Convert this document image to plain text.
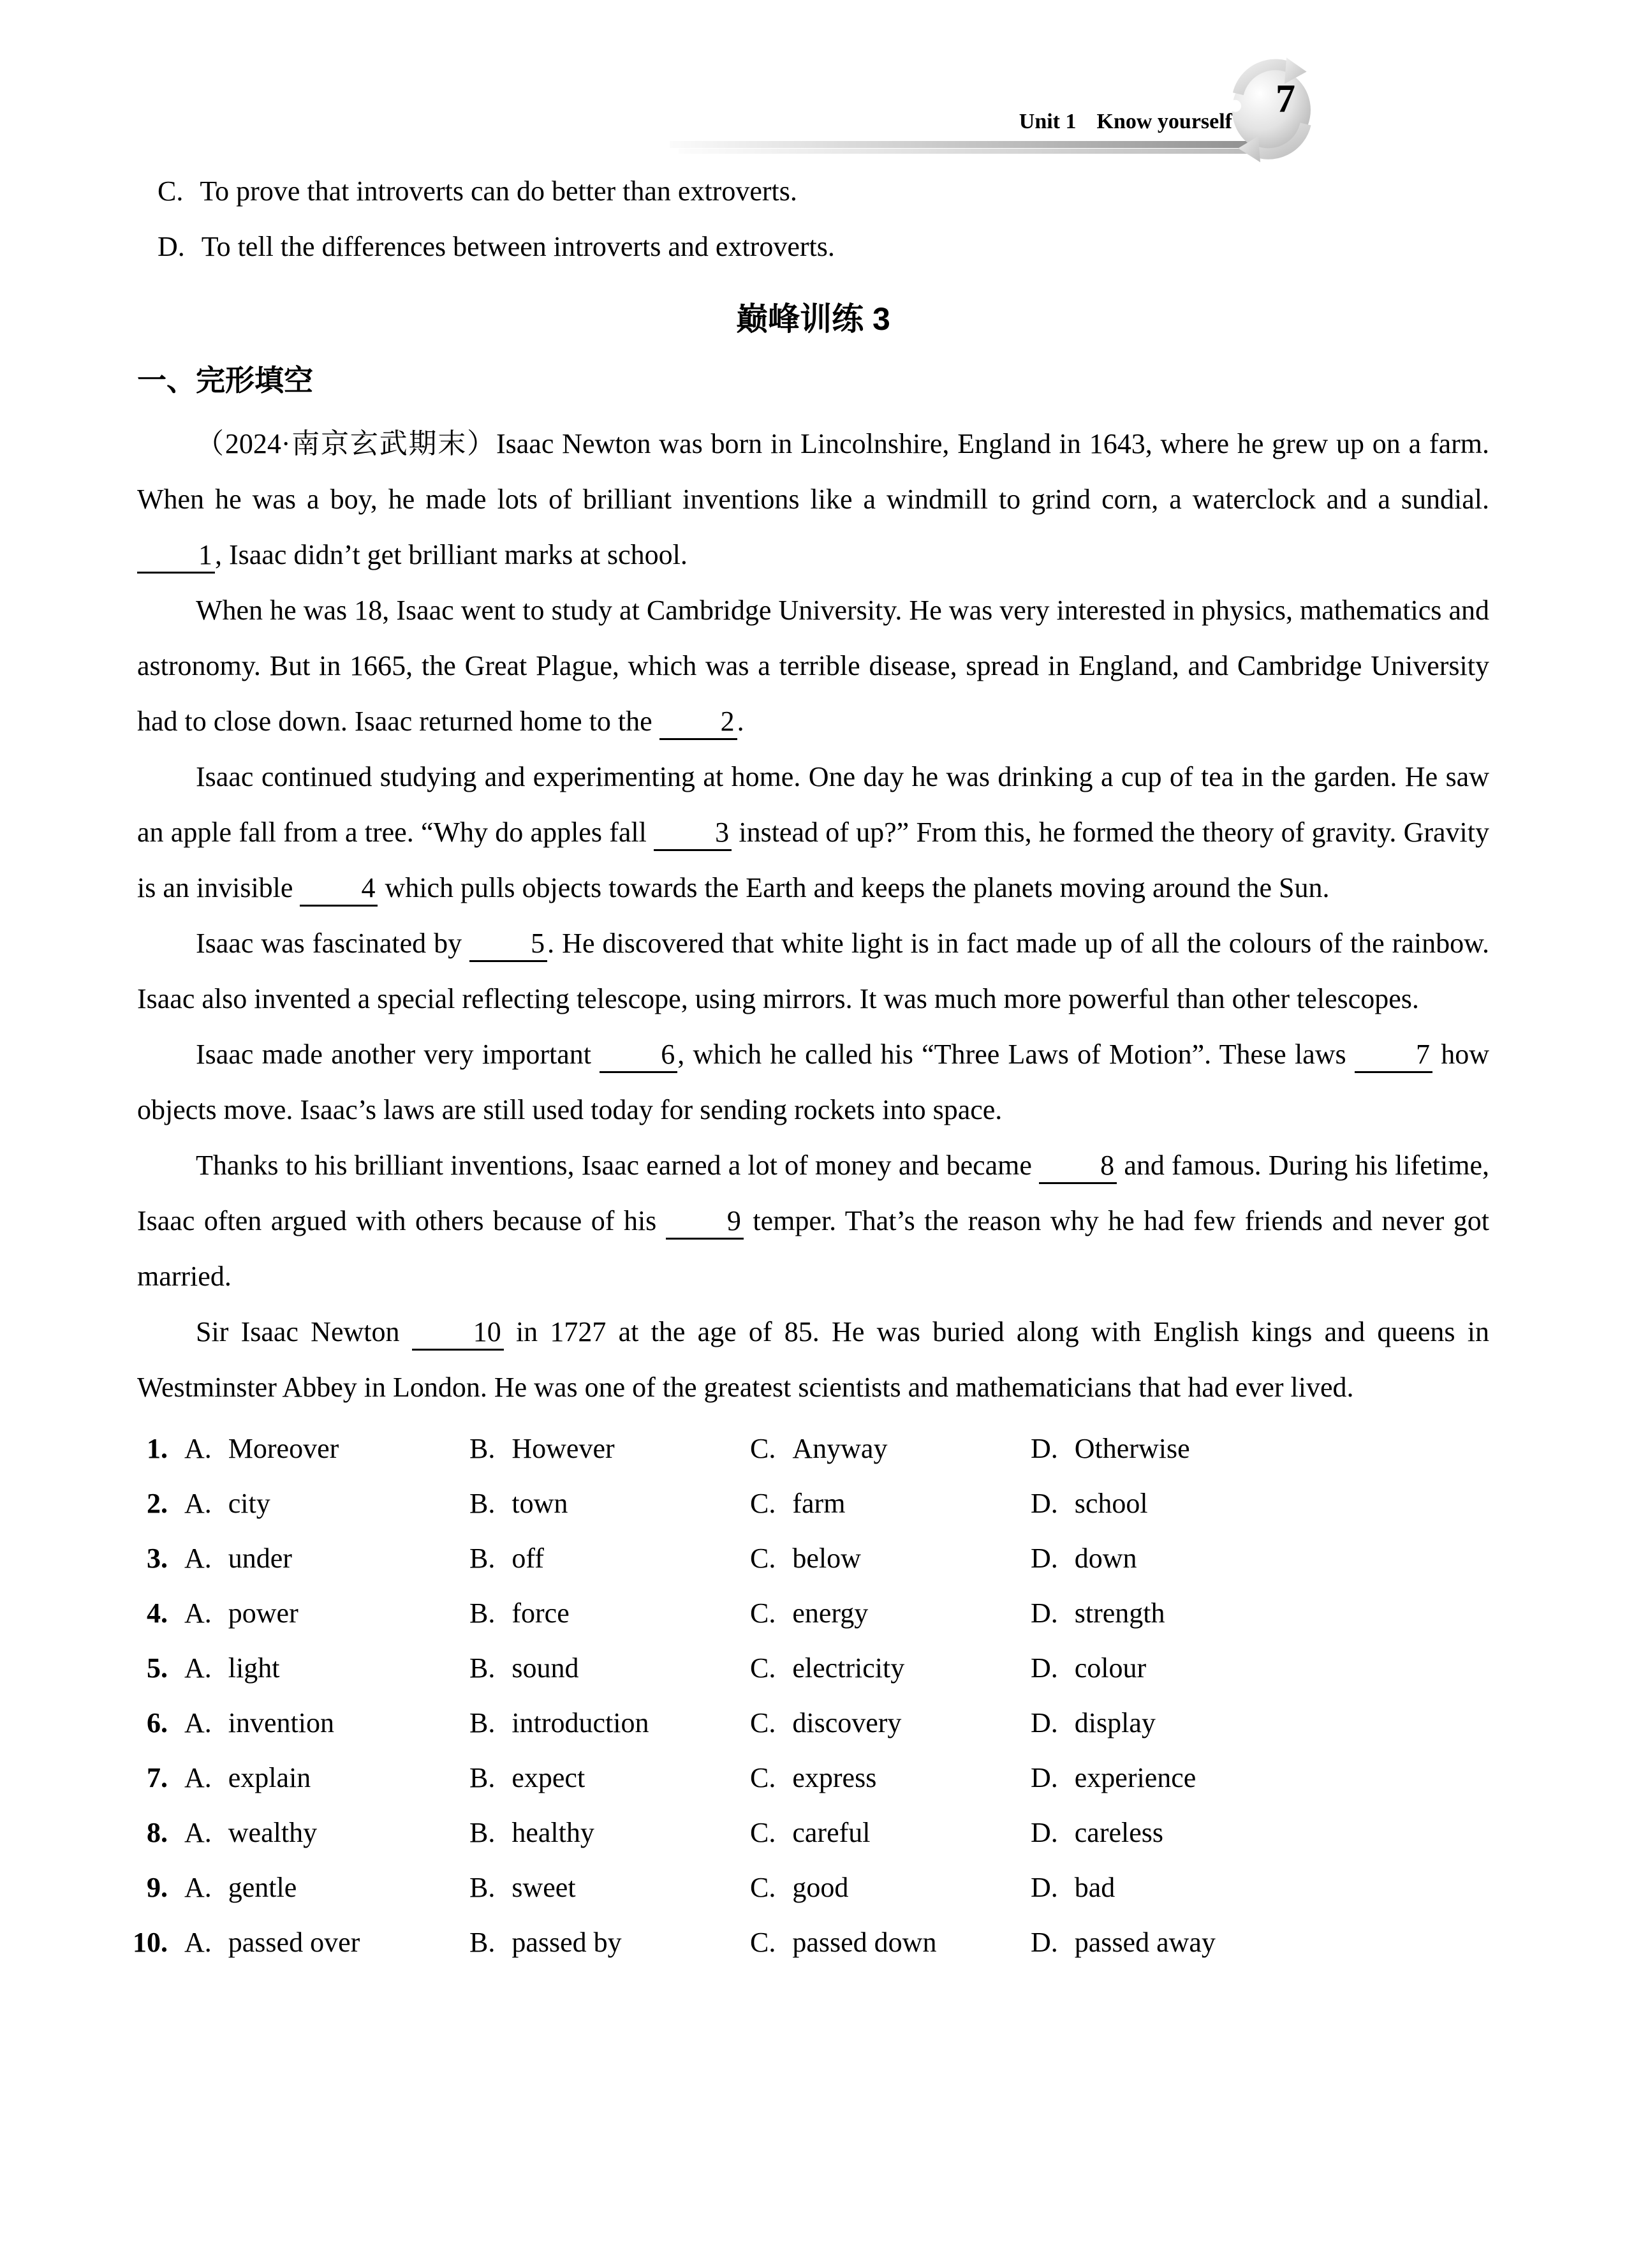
Unit 1 Know yourself
7
C. To prove that introverts can do better than extroverts.
D. To tell the differences between introverts and extroverts.
巅峰训练 3
一、完形填空

（2024·南京玄武期末）Isaac Newton was born in Lincolnshire, England in 1643, where he grew up on a farm. When he was a boy, he made lots of brilliant inventions like a windmill to grind corn, a waterclock and a sundial. 1, Isaac didn’t get brilliant marks at school.

When he was 18, Isaac went to study at Cambridge University. He was very interested in physics, mathematics and astronomy. But in 1665, the Great Plague, which was a terrible disease, spread in England, and Cambridge University had to close down. Isaac returned home to the 2.

Isaac continued studying and experimenting at home. One day he was drinking a cup of tea in the garden. He saw an apple fall from a tree. “Why do apples fall 3 instead of up?” From this, he formed the theory of gravity. Gravity is an invisible 4 which pulls objects towards the Earth and keeps the planets moving around the Sun.

Isaac was fascinated by 5. He discovered that white light is in fact made up of all the colours of the rainbow. Isaac also invented a special reflecting telescope, using mirrors. It was much more powerful than other telescopes.

Isaac made another very important 6, which he called his “Three Laws of Motion”. These laws 7 how objects move. Isaac’s laws are still used today for sending rockets into space.

Thanks to his brilliant inventions, Isaac earned a lot of money and became 8 and famous. During his lifetime, Isaac often argued with others because of his 9 temper. That’s the reason why he had few friends and never got married.

Sir Isaac Newton 10 in 1727 at the age of 85. He was buried along with English kings and queens in Westminster Abbey in London. He was one of the greatest scientists and mathematicians that had ever lived.

1. A. Moreover	B. However	C. Anyway	D. Otherwise
2. A. city	B. town	C. farm	D. school
3. A. under	B. off	C. below	D. down
4. A. power	B. force	C. energy	D. strength
5. A. light	B. sound	C. electricity	D. colour
6. A. invention	B. introduction	C. discovery	D. display
7. A. explain	B. expect	C. express	D. experience
8. A. wealthy	B. healthy	C. careful	D. careless
9. A. gentle	B. sweet	C. good	D. bad
10. A. passed over	B. passed by	C. passed down	D. passed away
